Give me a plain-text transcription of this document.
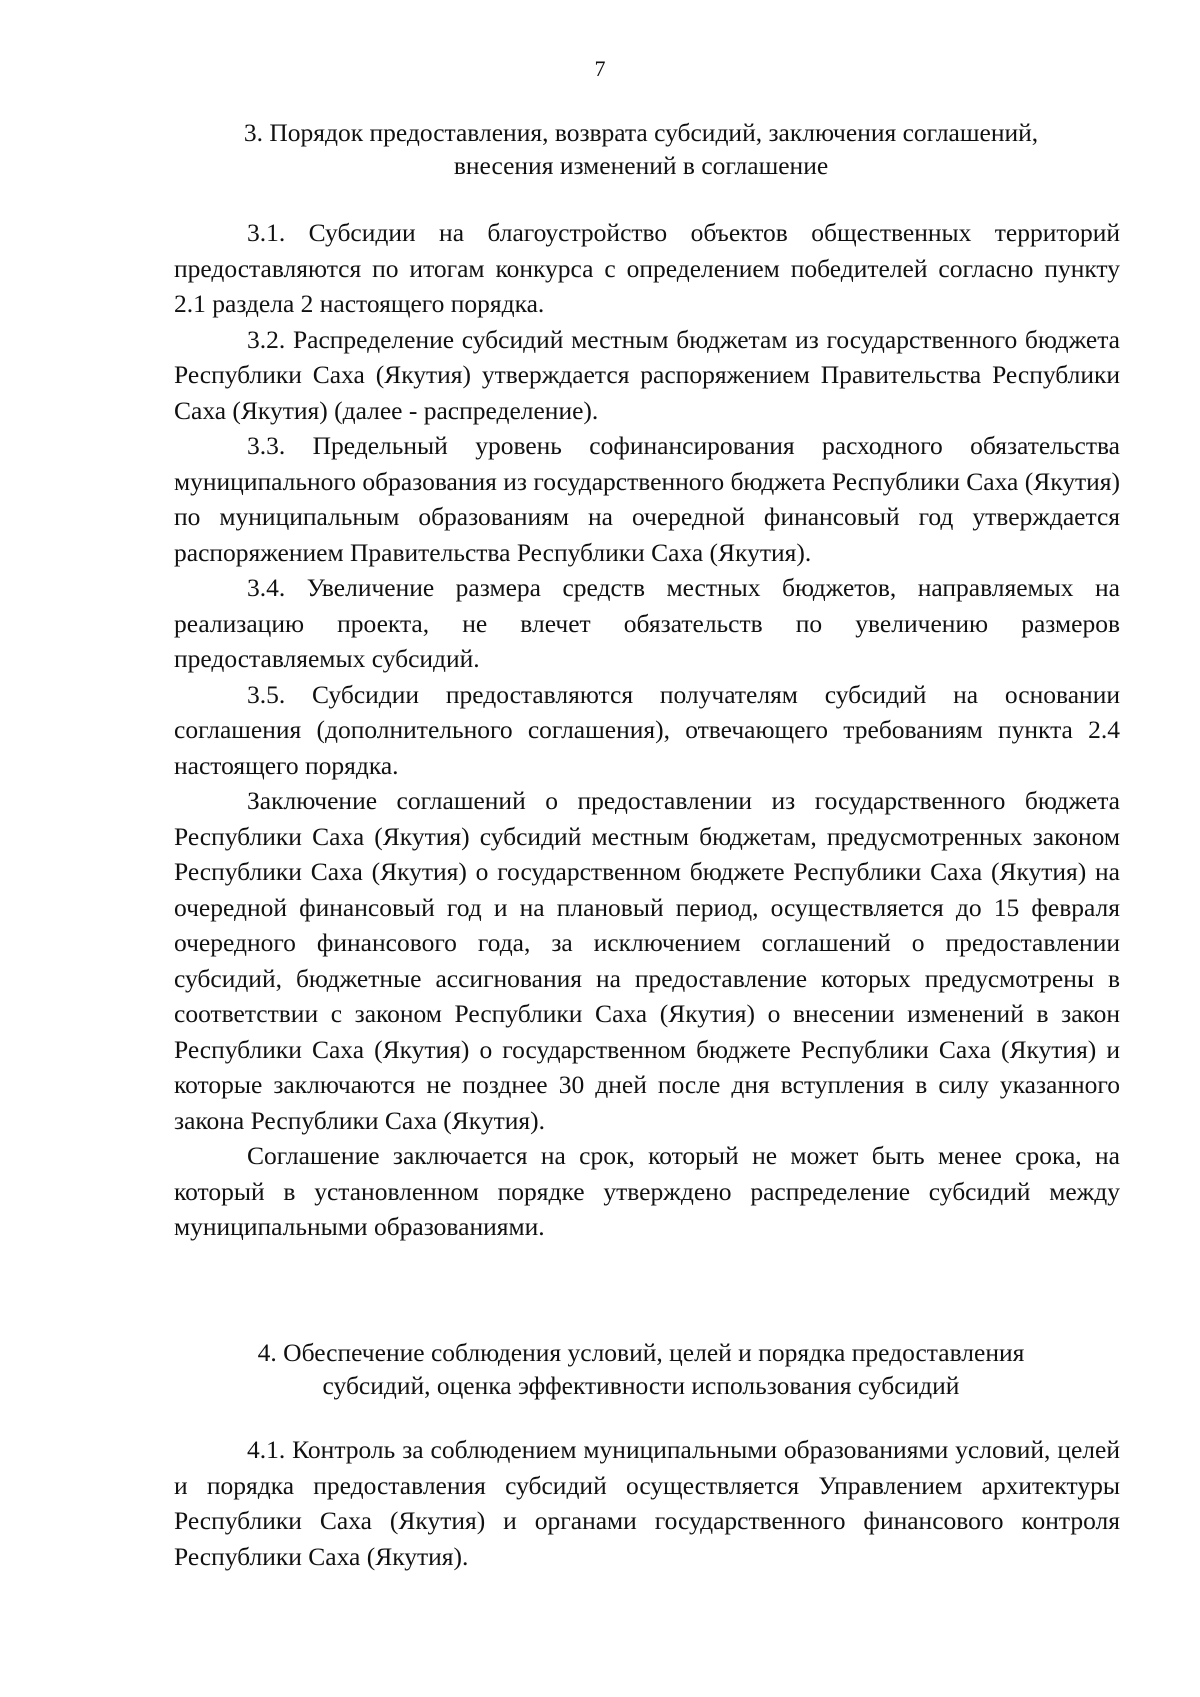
7
3. Порядок предоставления, возврата субсидий, заключения соглашений,
внесения изменений в соглашение

3.1. Субсидии на благоустройство объектов общественных территорий предоставляются по итогам конкурса с определением победителей согласно пункту 2.1 раздела 2 настоящего порядка.

3.2. Распределение субсидий местным бюджетам из государственного бюджета Республики Саха (Якутия) утверждается распоряжением Правительства Республики Саха (Якутия) (далее - распределение).

3.3. Предельный уровень софинансирования расходного обязательства муниципального образования из государственного бюджета Республики Саха (Якутия) по муниципальным образованиям на очередной финансовый год утверждается распоряжением Правительства Республики Саха (Якутия).

3.4. Увеличение размера средств местных бюджетов, направляемых на реализацию проекта, не влечет обязательств по увеличению размеров предоставляемых субсидий.

3.5. Субсидии предоставляются получателям субсидий на основании соглашения (дополнительного соглашения), отвечающего требованиям пункта 2.4 настоящего порядка.

Заключение соглашений о предоставлении из государственного бюджета Республики Саха (Якутия) субсидий местным бюджетам, предусмотренных законом Республики Саха (Якутия) о государственном бюджете Республики Саха (Якутия) на очередной финансовый год и на плановый период, осуществляется до 15 февраля очередного финансового года, за исключением соглашений о предоставлении субсидий, бюджетные ассигнования на предоставление которых предусмотрены в соответствии с законом Республики Саха (Якутия) о внесении изменений в закон Республики Саха (Якутия) о государственном бюджете Республики Саха (Якутия) и которые заключаются не позднее 30 дней после дня вступления в силу указанного закона Республики Саха (Якутия).

Соглашение заключается на срок, который не может быть менее срока, на который в установленном порядке утверждено распределение субсидий между муниципальными образованиями.

4. Обеспечение соблюдения условий, целей и порядка предоставления
субсидий, оценка эффективности использования субсидий

4.1. Контроль за соблюдением муниципальными образованиями условий, целей и порядка предоставления субсидий осуществляется Управлением архитектуры Республики Саха (Якутия) и органами государственного финансового контроля Республики Саха (Якутия).
